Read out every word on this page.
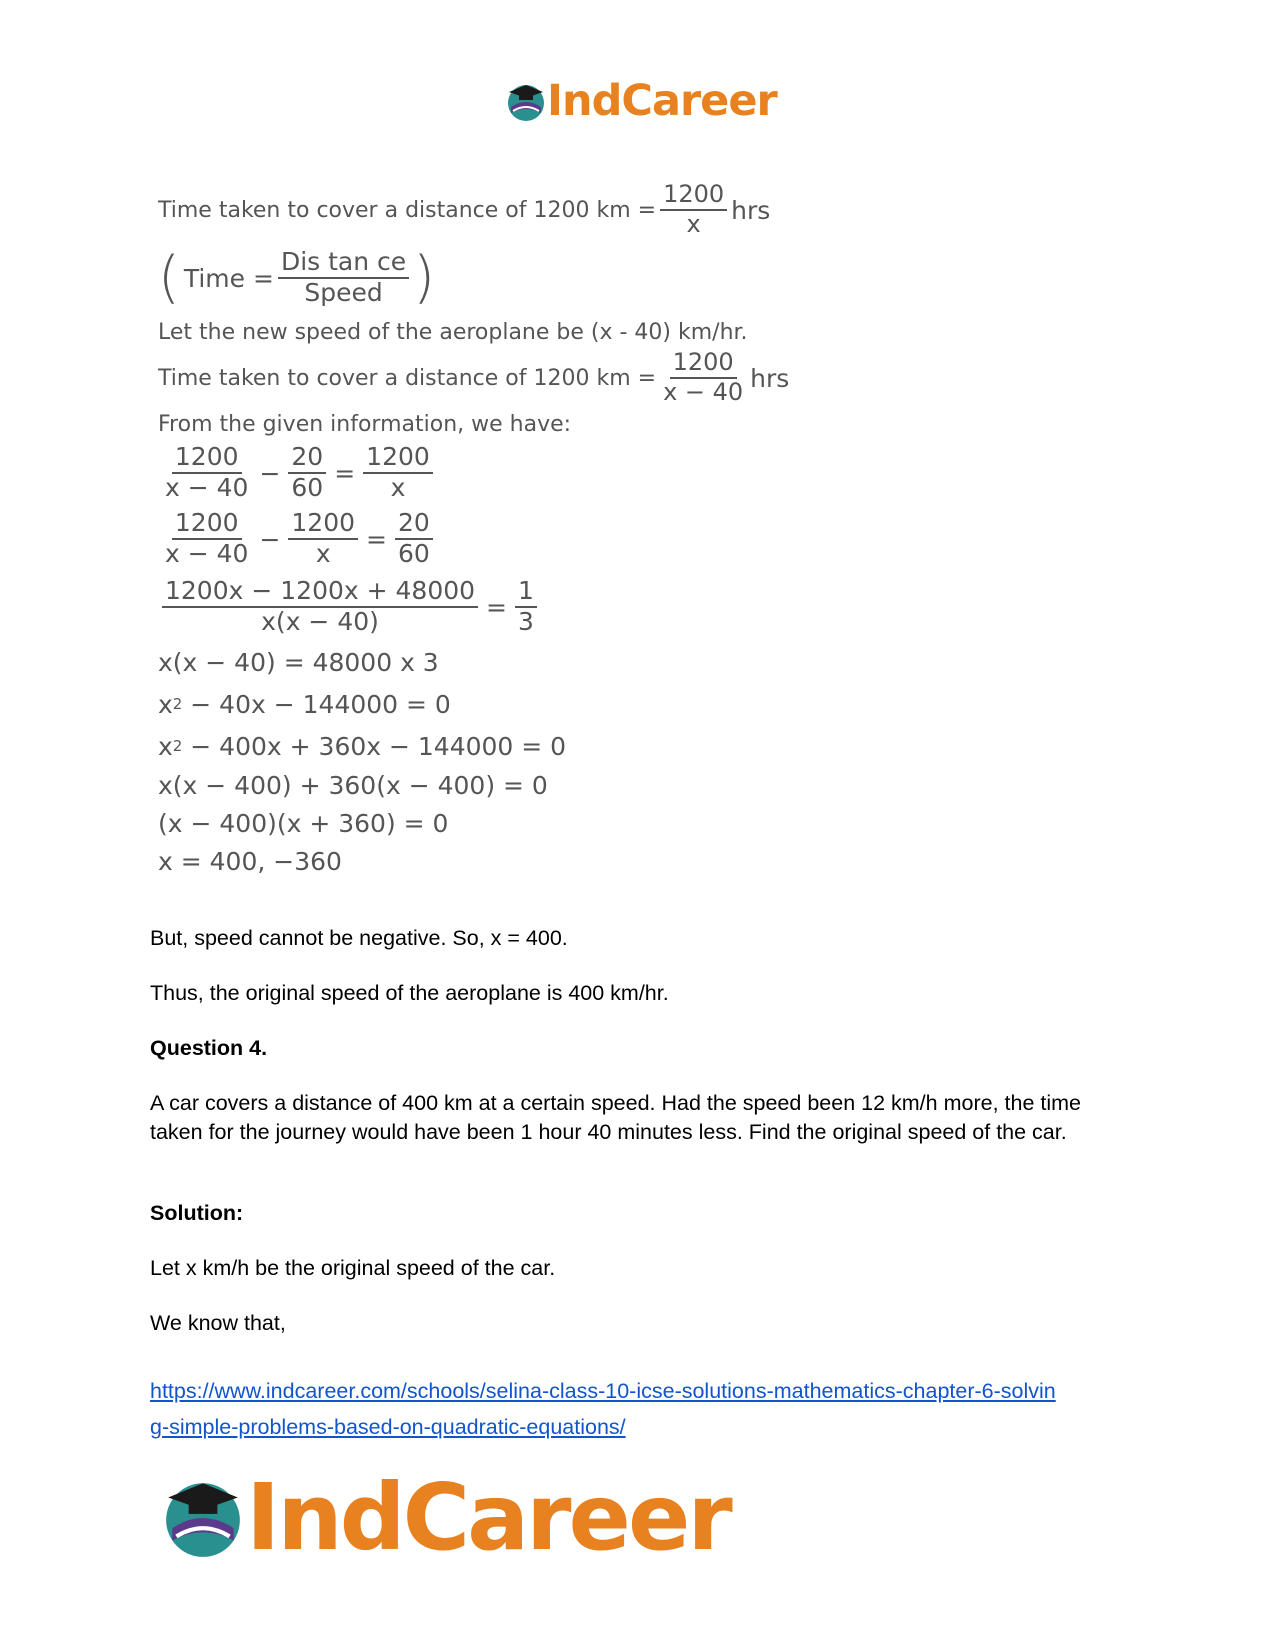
IndCareer
Time taken to cover a distance of 1200 km = $\frac{1200}{x}$ hrs
( Time = $\frac{\text{Dis tan ce}}{\text{Speed}}$ )
Let the new speed of the aeroplane be (x - 40) km/hr.
Time taken to cover a distance of 1200 km = $\frac{1200}{x - 40}$ hrs
From the given information, we have:
$\frac{1200}{x - 40} - \frac{20}{60} = \frac{1200}{x}$
$\frac{1200}{x - 40} - \frac{1200}{x} = \frac{20}{60}$
$\frac{1200x - 1200x + 48000}{x(x - 40)} = \frac{1}{3}$
x(x − 40) = 48000 x 3
x 2 − 40x − 144000 = 0
x 2 − 400x + 360x − 144000 = 0
x(x − 400) + 360(x − 400) = 0
(x − 400)(x + 360) = 0
x = 400, −360

But, speed cannot be negative. So, x = 400.

Thus, the original speed of the aeroplane is 400 km/hr.

Question 4.

A car covers a distance of 400 km at a certain speed. Had the speed been 12 km/h more, the time taken for the journey would have been 1 hour 40 minutes less. Find the original speed of the car.

Solution:

Let x km/h be the original speed of the car.

We know that,

https://www.indcareer.com/schools/selina-class-10-icse-solutions-mathematics-chapter-6-solvin
g-simple-problems-based-on-quadratic-equations/

IndCareer
